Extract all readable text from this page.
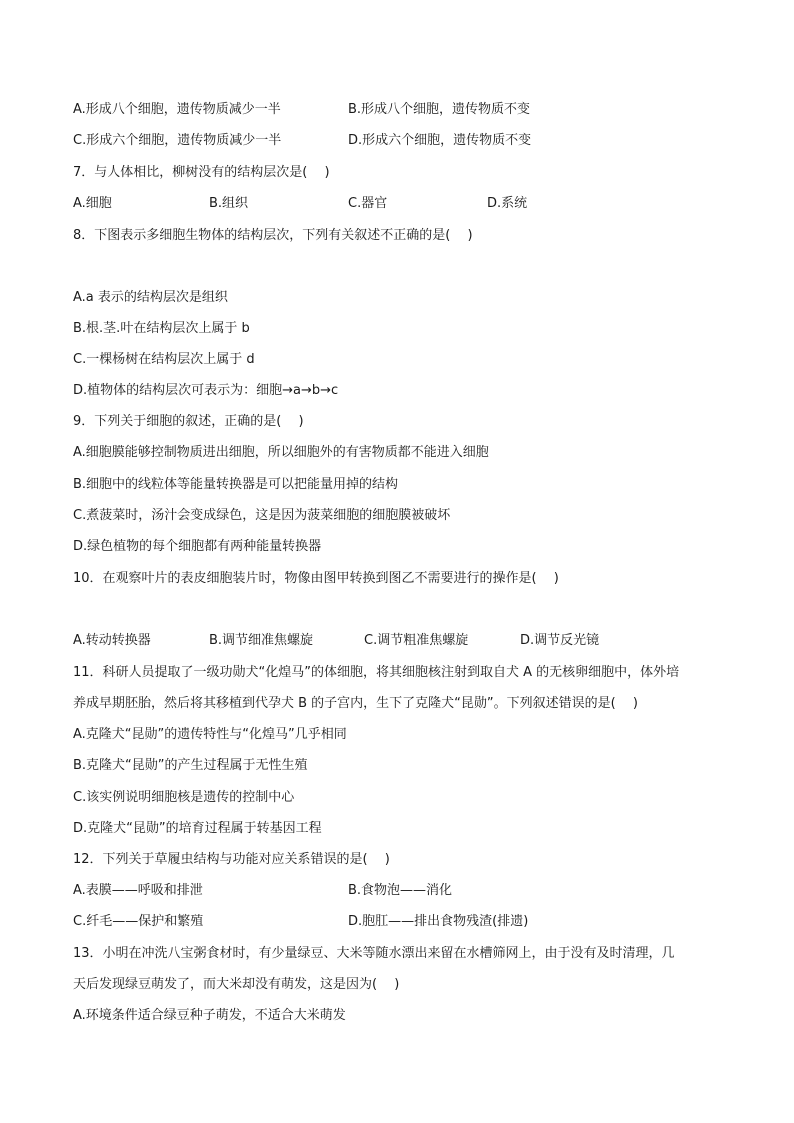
A.形成八个细胞，遗传物质减少一半	B.形成八个细胞，遗传物质不变
C.形成六个细胞，遗传物质减少一半	D.形成六个细胞，遗传物质不变
7．与人体相比，柳树没有的结构层次是(　 )
A.细胞	B.组织	C.器官	D.系统
8．下图表示多细胞生物体的结构层次，下列有关叙述不正确的是(　 )
A.a 表示的结构层次是组织
B.根.茎.叶在结构层次上属于 b
C.一棵杨树在结构层次上属于 d
D.植物体的结构层次可表示为：细胞→a→b→c
9．下列关于细胞的叙述，正确的是(　 )
A.细胞膜能够控制物质进出细胞，所以细胞外的有害物质都不能进入细胞
B.细胞中的线粒体等能量转换器是可以把能量用掉的结构
C.煮菠菜时，汤汁会变成绿色，这是因为菠菜细胞的细胞膜被破坏
D.绿色植物的每个细胞都有两种能量转换器
10．在观察叶片的表皮细胞装片时，物像由图甲转换到图乙不需要进行的操作是(　 )
A.转动转换器	B.调节细准焦螺旋	C.调节粗准焦螺旋	D.调节反光镜
11．科研人员提取了一级功勋犬“化煌马”的体细胞，将其细胞核注射到取自犬 A 的无核卵细胞中，体外培
养成早期胚胎，然后将其移植到代孕犬 B 的子宫内，生下了克隆犬“昆勋”。下列叙述错误的是(　 )
A.克隆犬“昆勋”的遗传特性与“化煌马”几乎相同
B.克隆犬“昆勋”的产生过程属于无性生殖
C.该实例说明细胞核是遗传的控制中心
D.克隆犬“昆勋”的培育过程属于转基因工程
12．下列关于草履虫结构与功能对应关系错误的是(　 )
A.表膜——呼吸和排泄	B.食物泡——消化
C.纤毛——保护和繁殖	D.胞肛——排出食物残渣(排遗)
13．小明在冲洗八宝粥食材时，有少量绿豆、大米等随水漂出来留在水槽筛网上，由于没有及时清理，几
天后发现绿豆萌发了，而大米却没有萌发，这是因为(　 )
A.环境条件适合绿豆种子萌发，不适合大米萌发
